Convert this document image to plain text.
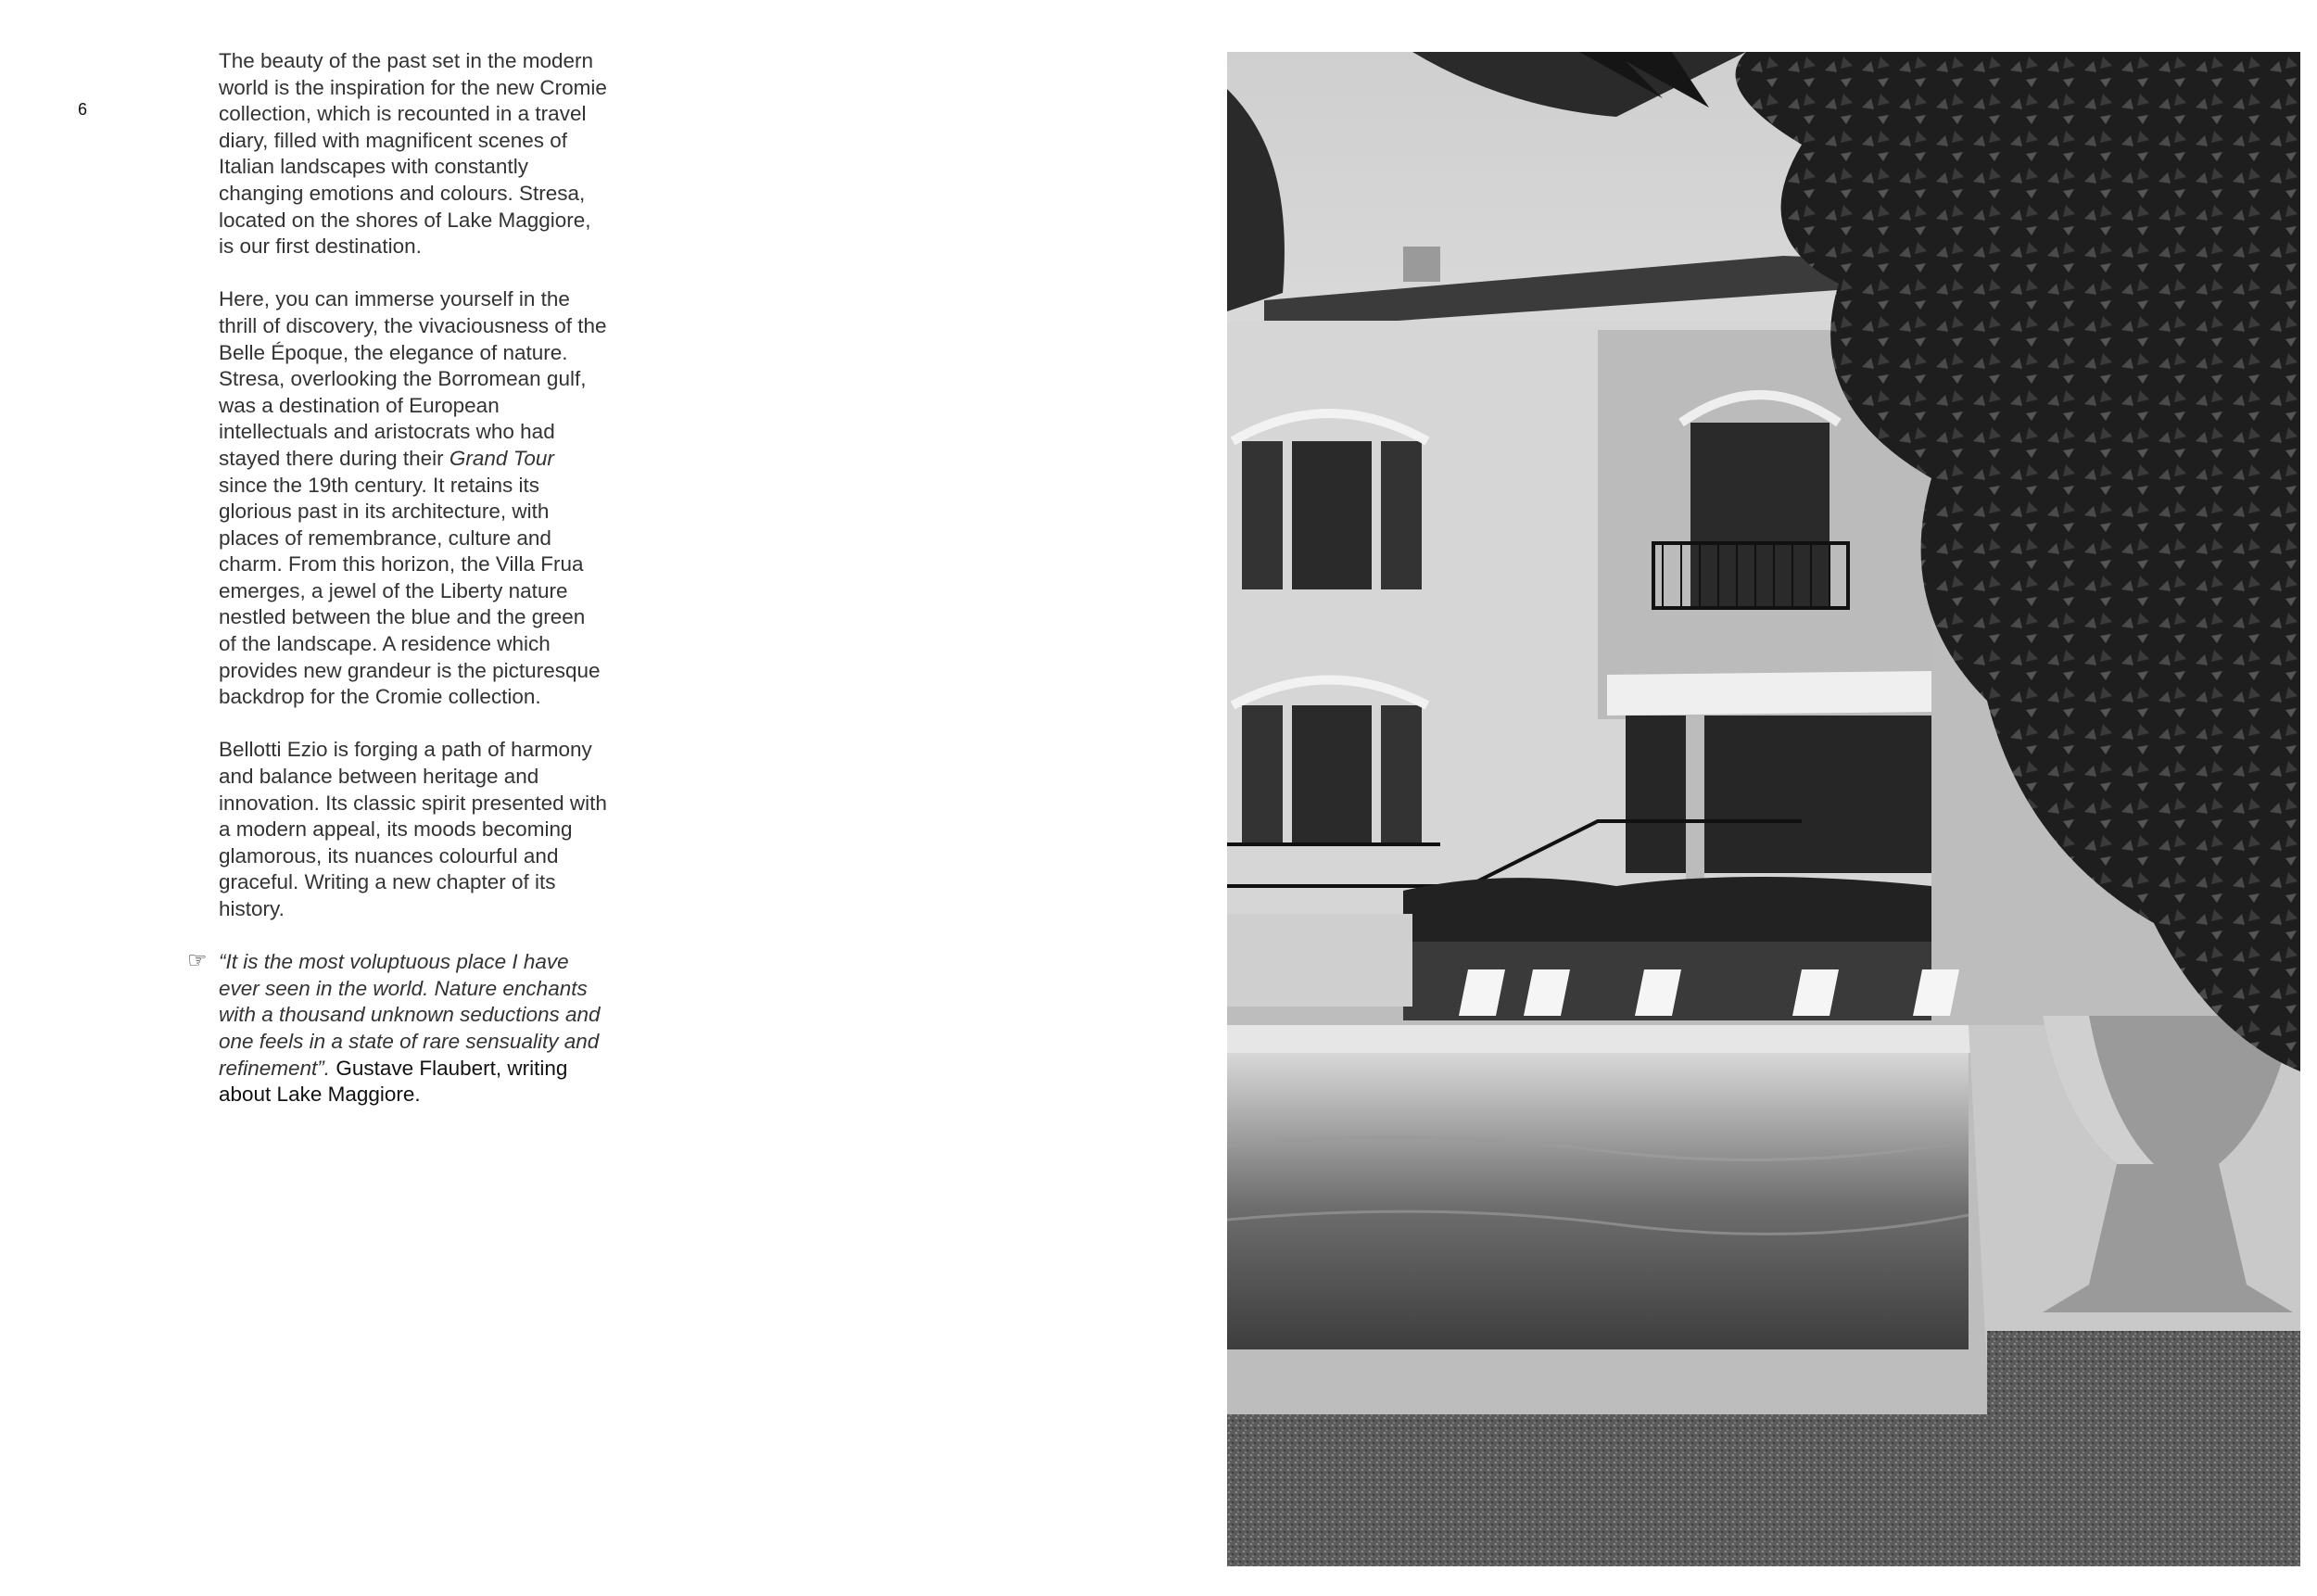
6

The beauty of the past set in the modern world is the inspiration for the new Cromie collection, which is recounted in a travel diary, filled with magnificent scenes of Italian landscapes with constantly changing emotions and colours. Stresa, located on the shores of Lake Maggiore, is our first destination.

Here, you can immerse yourself in the thrill of discovery, the vivaciousness of the Belle Époque, the elegance of nature. Stresa, overlooking the Borromean gulf, was a destination of European intellectuals and aristocrats who had stayed there during their Grand Tour since the 19th century. It retains its glorious past in its architecture, with places of remembrance, culture and charm. From this horizon, the Villa Frua emerges, a jewel of the Liberty nature nestled between the blue and the green of the landscape. A residence which provides new grandeur is the picturesque backdrop for the Cromie collection.

Bellotti Ezio is forging a path of harmony and balance between heritage and innovation. Its classic spirit presented with a modern appeal, its moods becoming glamorous, its nuances colourful and graceful. Writing a new chapter of its history.

☞ “It is the most voluptuous place I have ever seen in the world. Nature enchants with a thousand unknown seductions and one feels in a state of rare sensuality and refinement”. Gustave Flaubert, writing about Lake Maggiore.
